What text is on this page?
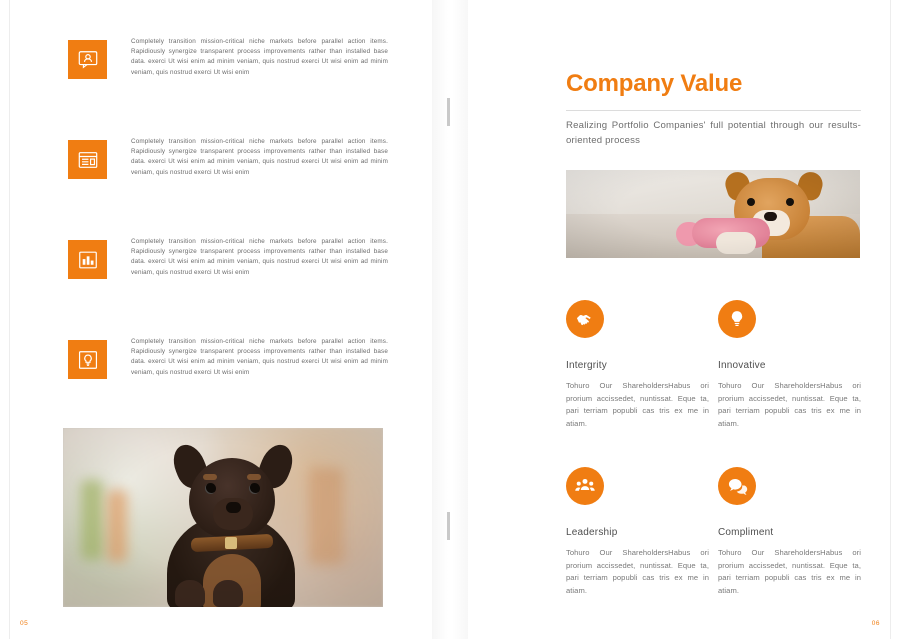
Completely transition mission-critical niche markets before parallel action items. Rapidiously synergize transparent process improvements rather than installed base data. exerci Ut wisi enim ad minim veniam, quis nostrud exerci Ut wisi enim ad minim veniam, quis nostrud exerci Ut wisi enim
Completely transition mission-critical niche markets before parallel action items. Rapidiously synergize transparent process improvements rather than installed base data. exerci Ut wisi enim ad minim veniam, quis nostrud exerci Ut wisi enim ad minim veniam, quis nostrud exerci Ut wisi enim
Completely transition mission-critical niche markets before parallel action items. Rapidiously synergize transparent process improvements rather than installed base data. exerci Ut wisi enim ad minim veniam, quis nostrud exerci Ut wisi enim ad minim veniam, quis nostrud exerci Ut wisi enim
Completely transition mission-critical niche markets before parallel action items. Rapidiously synergize transparent process improvements rather than installed base data. exerci Ut wisi enim ad minim veniam, quis nostrud exerci Ut wisi enim ad minim veniam, quis nostrud exerci Ut wisi enim
05
Company Value
Realizing Portfolio Companies' full potential through our results-oriented process
Intergrity
Tohuro Our ShareholdersHabus ori prorium accissedet, nuntissat. Eque ta, pari terriam popubli cas tris ex me in atiam.
Innovative
Tohuro Our ShareholdersHabus ori prorium accissedet, nuntissat. Eque ta, pari terriam popubli cas tris ex me in atiam.
Leadership
Tohuro Our ShareholdersHabus ori prorium accissedet, nuntissat. Eque ta, pari terriam popubli cas tris ex me in atiam.
Compliment
Tohuro Our ShareholdersHabus ori prorium accissedet, nuntissat. Eque ta, pari terriam popubli cas tris ex me in atiam.
06
